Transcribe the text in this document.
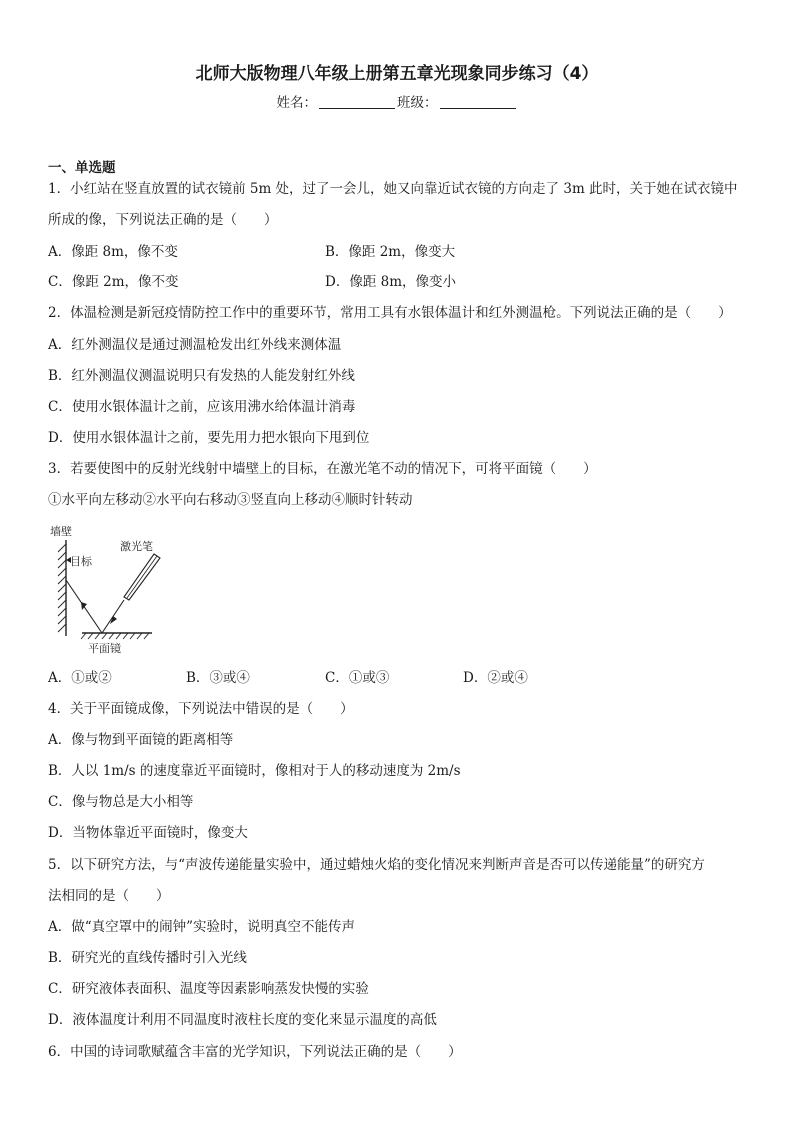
北师大版物理八年级上册第五章光现象同步练习（4）
姓名：	班级：
一、单选题
1．小红站在竖直放置的试衣镜前 5m 处，过了一会儿，她又向靠近试衣镜的方向走了 3m 此时，关于她在试衣镜中
所成的像，下列说法正确的是（　　）
A．像距 8m，像不变	B．像距 2m，像变大
C．像距 2m，像不变	D．像距 8m，像变小
2．体温检测是新冠疫情防控工作中的重要环节，常用工具有水银体温计和红外测温枪。下列说法正确的是（　　）
A．红外测温仪是通过测温枪发出红外线来测体温
B．红外测温仪测温说明只有发热的人能发射红外线
C．使用水银体温计之前，应该用沸水给体温计消毒
D．使用水银体温计之前，要先用力把水银向下甩到位
3．若要使图中的反射光线射中墙壁上的目标，在激光笔不动的情况下，可将平面镜（　　）
①水平向左移动②水平向右移动③竖直向上移动④顺时针转动
墙壁
目标
激光笔
平面镜
A．①或②	B．③或④	C．①或③	D．②或④
4．关于平面镜成像，下列说法中错误的是（　　）
A．像与物到平面镜的距离相等
B．人以 1m/s 的速度靠近平面镜时，像相对于人的移动速度为 2m/s
C．像与物总是大小相等
D．当物体靠近平面镜时，像变大
5．以下研究方法，与“声波传递能量实验中，通过蜡烛火焰的变化情况来判断声音是否可以传递能量”的研究方
法相同的是（　　）
A．做“真空罩中的闹钟”实验时，说明真空不能传声
B．研究光的直线传播时引入光线
C．研究液体表面积、温度等因素影响蒸发快慢的实验
D．液体温度计利用不同温度时液柱长度的变化来显示温度的高低
6．中国的诗词歌赋蕴含丰富的光学知识，下列说法正确的是（　　）
